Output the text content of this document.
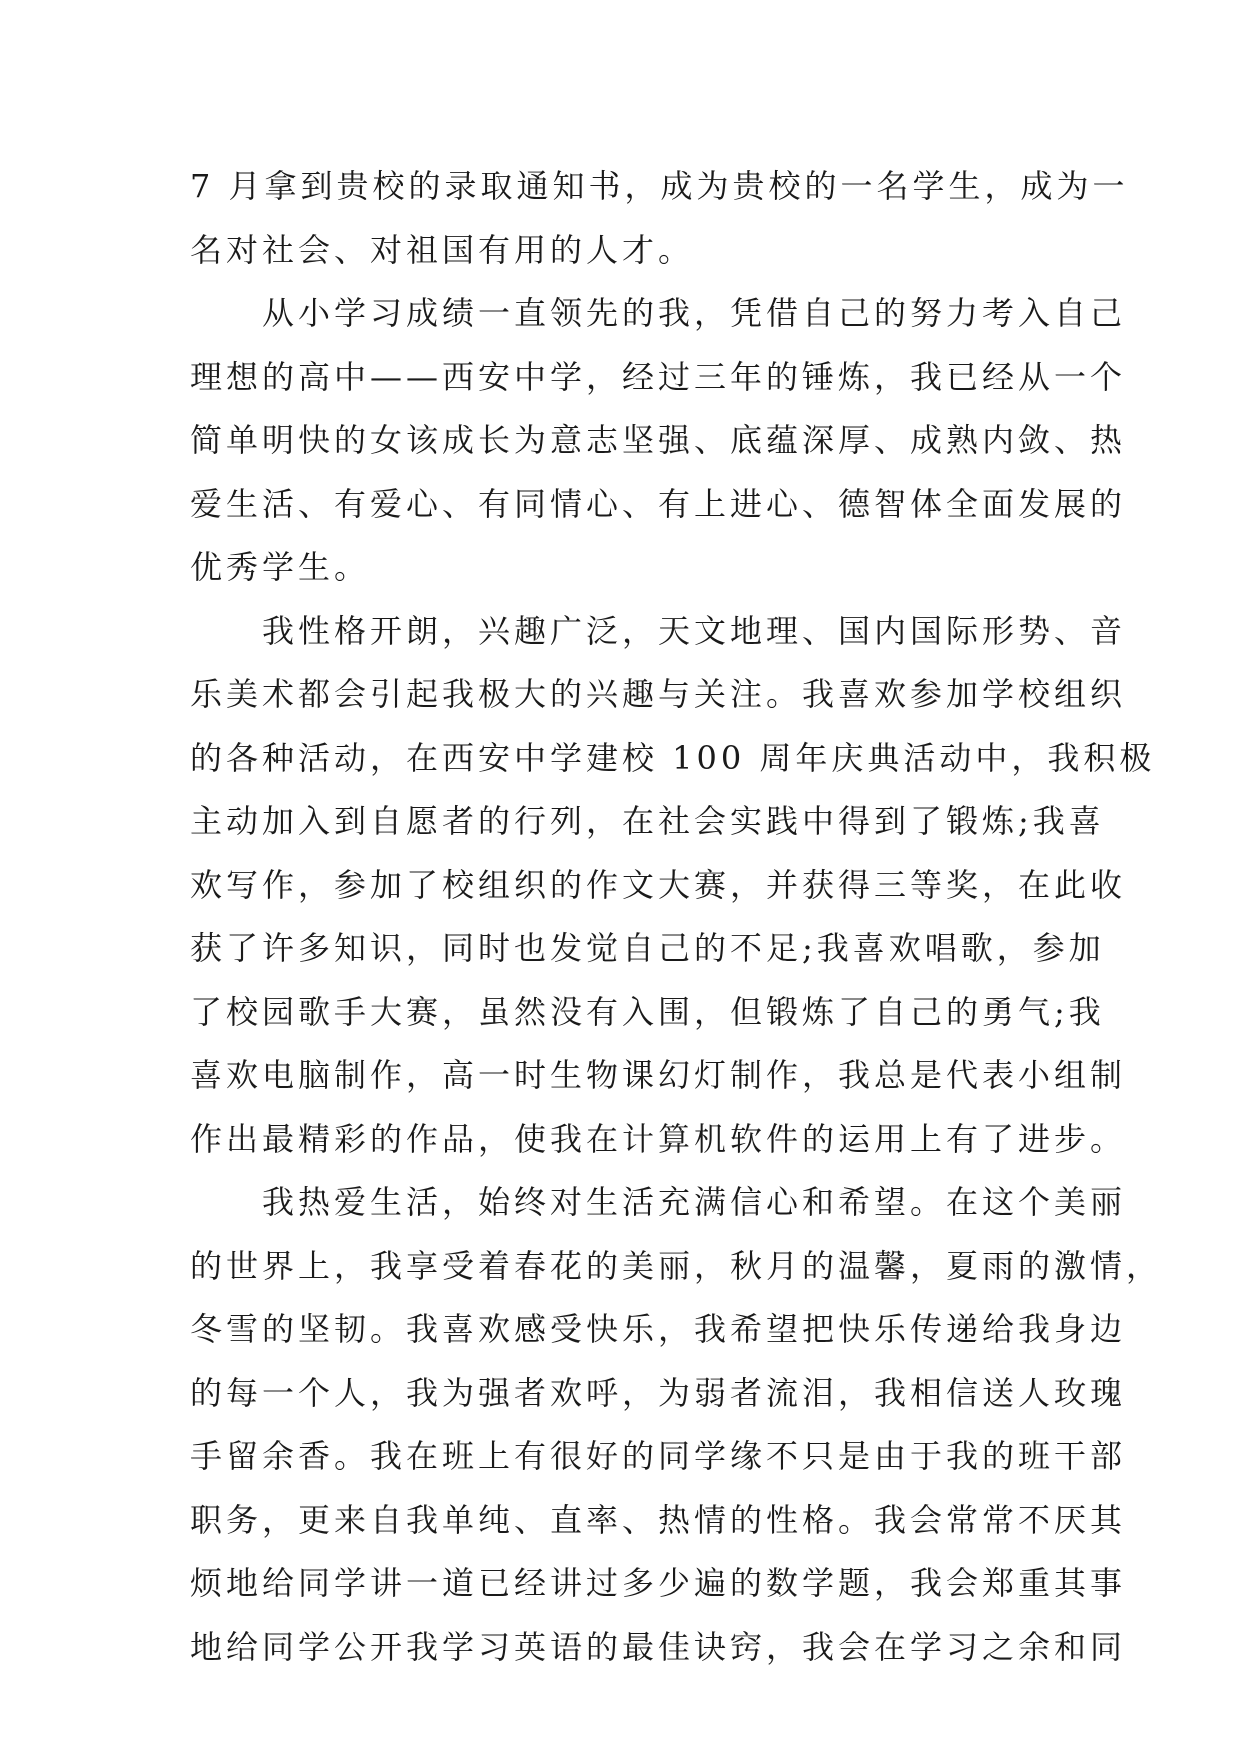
7 月拿到贵校的录取通知书，成为贵校的一名学生，成为一
名对社会、对祖国有用的人才。
　　从小学习成绩一直领先的我，凭借自己的努力考入自己
理想的高中——西安中学，经过三年的锤炼，我已经从一个
简单明快的女该成长为意志坚强、底蕴深厚、成熟内敛、热
爱生活、有爱心、有同情心、有上进心、德智体全面发展的
优秀学生。
　　我性格开朗，兴趣广泛，天文地理、国内国际形势、音
乐美术都会引起我极大的兴趣与关注。我喜欢参加学校组织
的各种活动，在西安中学建校 100 周年庆典活动中，我积极
主动加入到自愿者的行列，在社会实践中得到了锻炼;我喜
欢写作，参加了校组织的作文大赛，并获得三等奖，在此收
获了许多知识，同时也发觉自己的不足;我喜欢唱歌，参加
了校园歌手大赛，虽然没有入围，但锻炼了自己的勇气;我
喜欢电脑制作，高一时生物课幻灯制作，我总是代表小组制
作出最精彩的作品，使我在计算机软件的运用上有了进步。
　　我热爱生活，始终对生活充满信心和希望。在这个美丽
的世界上，我享受着春花的美丽，秋月的温馨，夏雨的激情，
冬雪的坚韧。我喜欢感受快乐，我希望把快乐传递给我身边
的每一个人，我为强者欢呼，为弱者流泪，我相信送人玫瑰
手留余香。我在班上有很好的同学缘不只是由于我的班干部
职务，更来自我单纯、直率、热情的性格。我会常常不厌其
烦地给同学讲一道已经讲过多少遍的数学题，我会郑重其事
地给同学公开我学习英语的最佳诀窍，我会在学习之余和同
